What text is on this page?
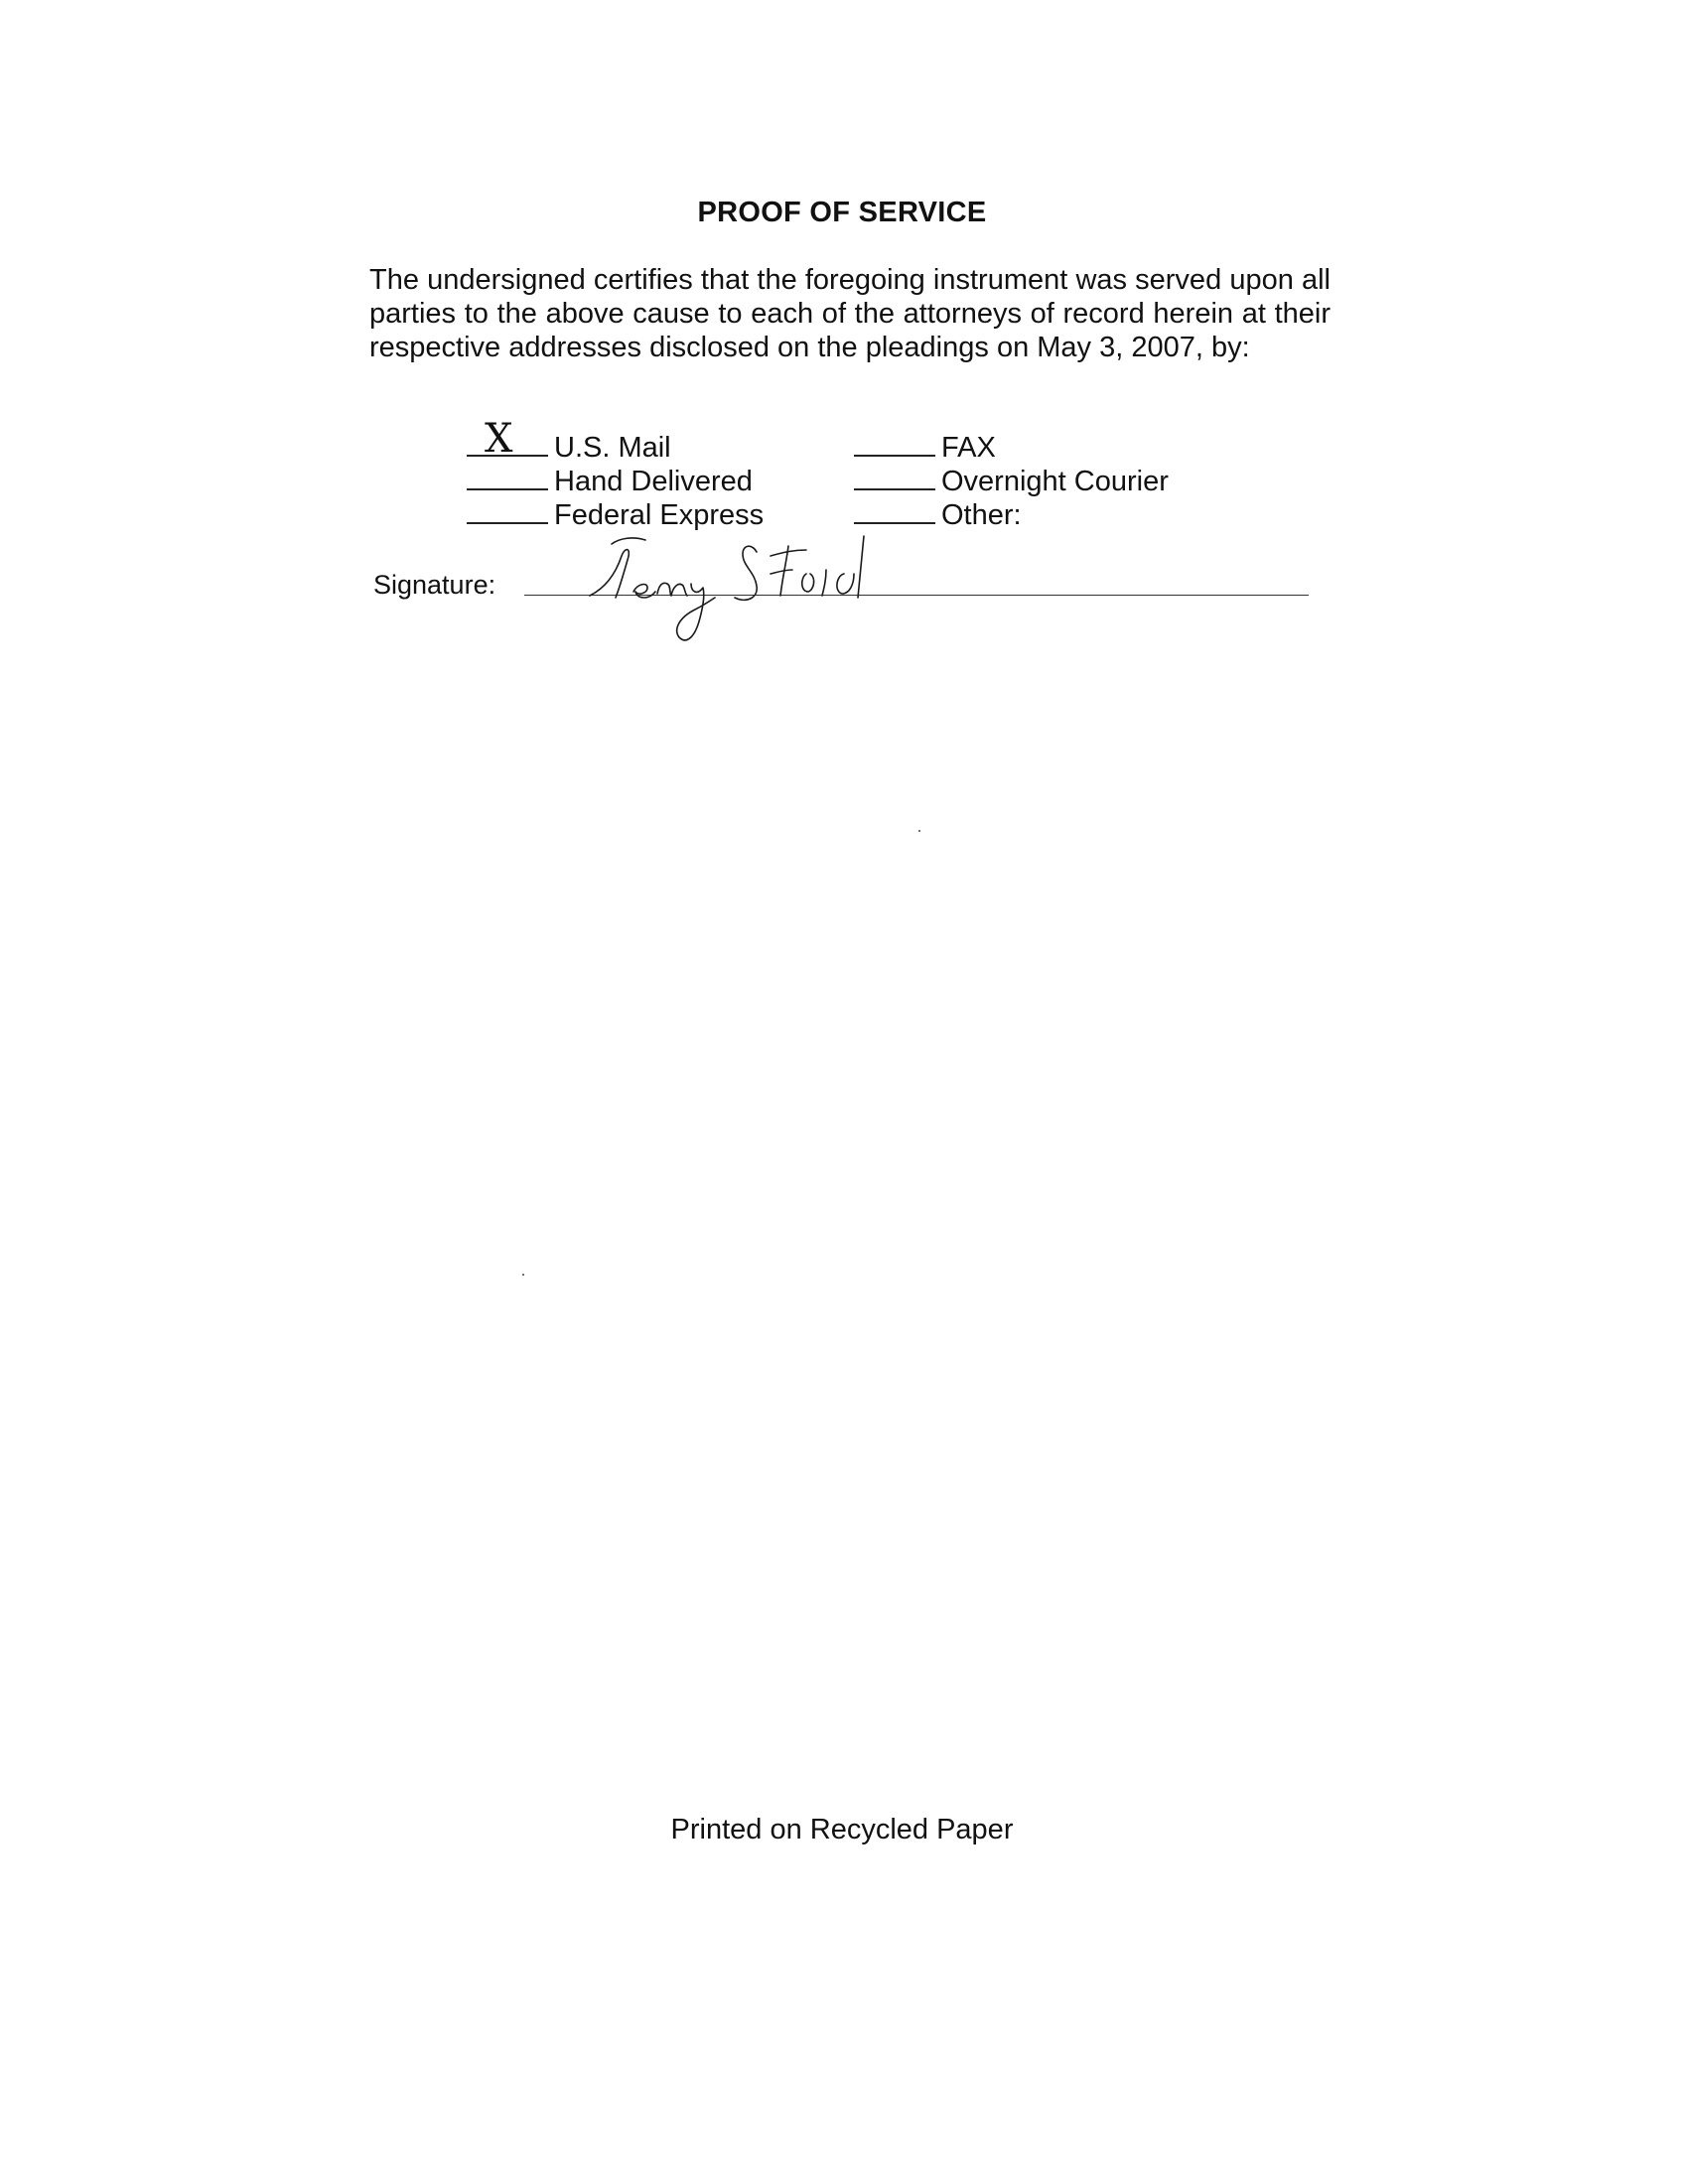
PROOF OF SERVICE
The undersigned certifies that the foregoing instrument was served upon all parties to the above cause to each of the attorneys of record herein at their respective addresses disclosed on the pleadings on May 3, 2007, by:
X U.S. Mail
Hand Delivered
Federal Express
FAX
Overnight Courier
Other:
Signature:
Printed on Recycled Paper
